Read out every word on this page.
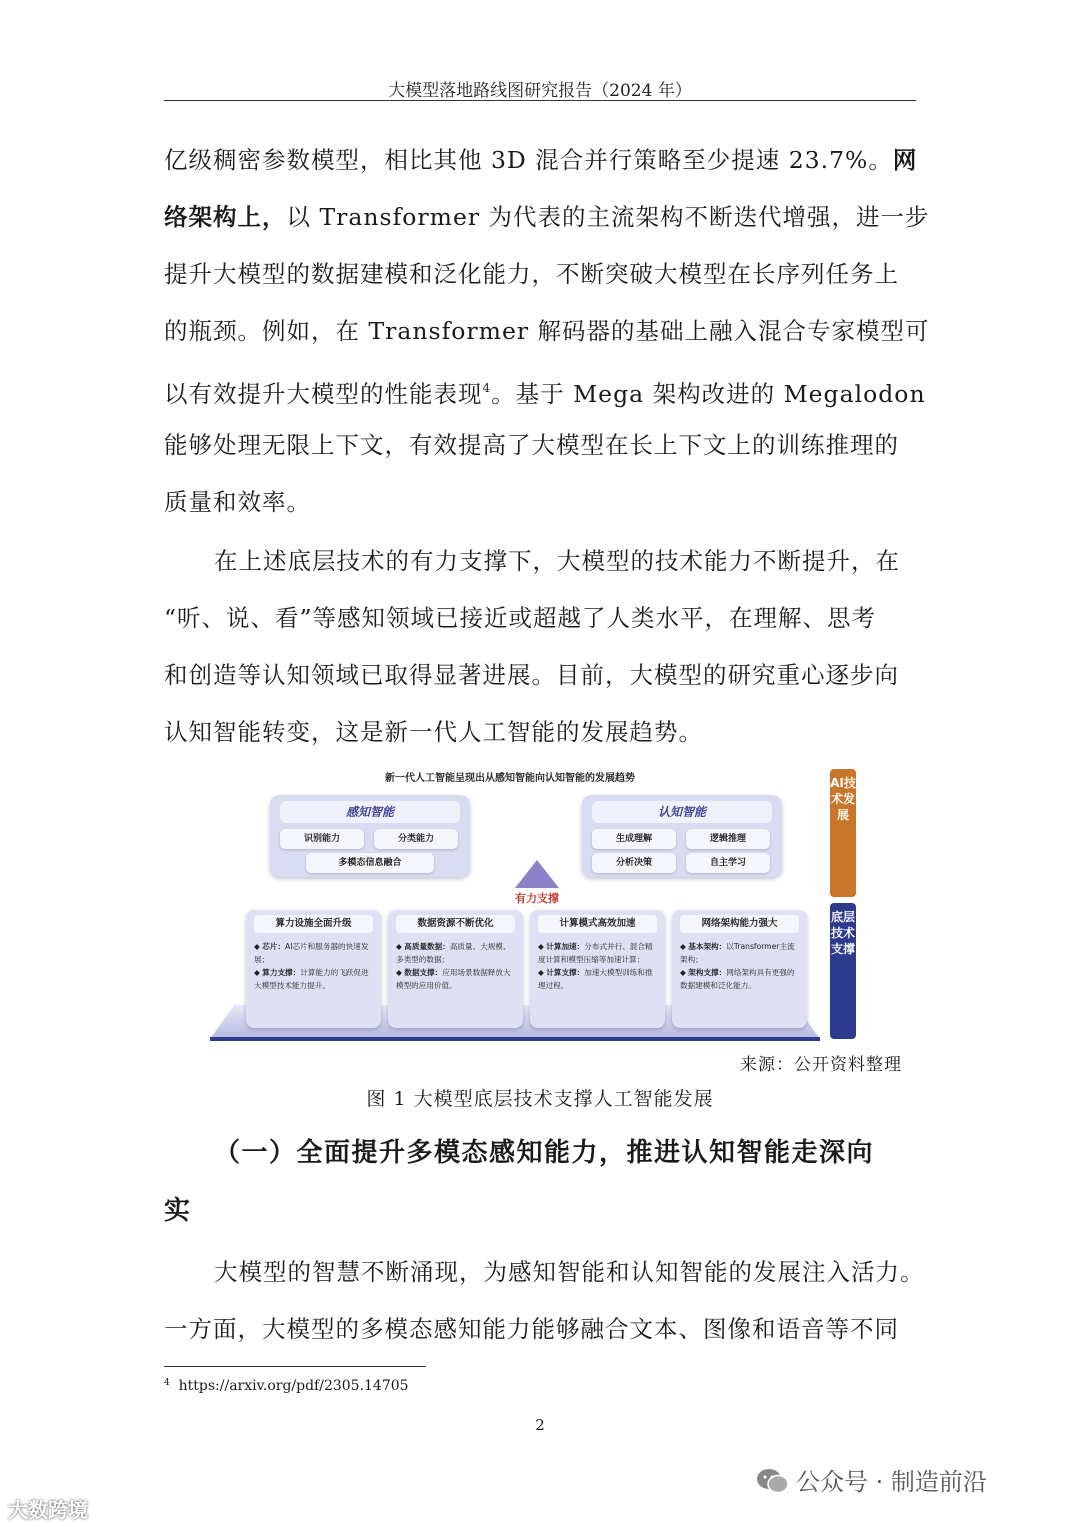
大模型落地路线图研究报告（2024 年）
亿级稠密参数模型，相比其他 3D 混合并行策略至少提速 23.7%。网
络架构上，以 Transformer 为代表的主流架构不断迭代增强，进一步
提升大模型的数据建模和泛化能力，不断突破大模型在长序列任务上
的瓶颈。例如，在 Transformer 解码器的基础上融入混合专家模型可
以有效提升大模型的性能表现$^4$。基于 Mega 架构改进的 Megalodon
能够处理无限上下文，有效提高了大模型在长上下文上的训练推理的
质量和效率。
在上述底层技术的有力支撑下，大模型的技术能力不断提升，在
“听、说、看”等感知领域已接近或超越了人类水平，在理解、思考
和创造等认知领域已取得显著进展。目前，大模型的研究重心逐步向
认知智能转变，这是新一代人工智能的发展趋势。
新一代人工智能呈现出从感知智能向认知智能的发展趋势
感知智能
识别能力	分类能力
多模态信息融合
认知智能
生成理解	逻辑推理
分析决策	自主学习
有力支撑
算力设施全面升级
◆ 芯片：AI芯片和服务器的快速发展；
◆ 算力支撑：计算能力的飞跃促进大模型技术能力提升。
数据资源不断优化
◆ 高质量数据：高质量、大规模、多类型的数据；
◆ 数据支撑：应用场景数据释放大模型的应用价值。
计算模式高效加速
◆ 计算加速：分布式并行、混合精度计算和模型压缩等加速计算；
◆ 计算支撑：加速大模型训练和推理过程。
网络架构能力强大
◆ 基本架构：以Transformer主流架构；
◆ 架构支撑：网络架构具有更强的数据建模和泛化能力。
AI技术发展
底层技术支撑
来源：公开资料整理
图 1 大模型底层技术支撑人工智能发展
（一）全面提升多模态感知能力，推进认知智能走深向
实
大模型的智慧不断涌现，为感知智能和认知智能的发展注入活力。
一方面，大模型的多模态感知能力能够融合文本、图像和语音等不同
$^4$ https://arxiv.org/pdf/2305.14705
2
公众号 · 制造前沿
大数跨境
